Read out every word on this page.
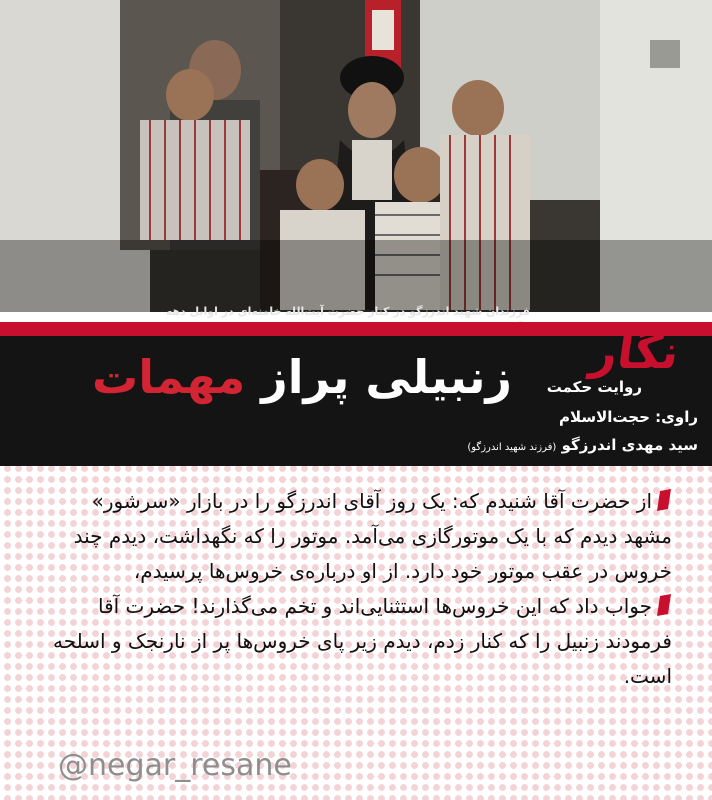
فرزندان شهید اندرزگو در کنار حضرت آیت‌الله خامنه‌ای در اوایل دهه
نگار
روایت حکمت
زنبیلی پراز مهمات
راوی: حجت‌الاسلام
سید مهدی اندرزگو (فرزند شهید اندرزگو)

از حضرت آقا شنیدم که: یک روز آقای اندرزگو را در بازار «سرشور» مشهد دیدم که با یک موتورگازی می‌آمد. موتور را که نگهداشت، دیدم چند خروس در عقب موتور خود دارد. از او درباره‌ی خروس‌ها پرسیدم،

جواب داد که این خروس‌ها استثنایی‌اند و تخم می‌گذارند! حضرت آقا فرمودند زنبیل را که کنار زدم، دیدم زیر پای خروس‌ها پر از نارنجک و اسلحه است.

@negar_resane
